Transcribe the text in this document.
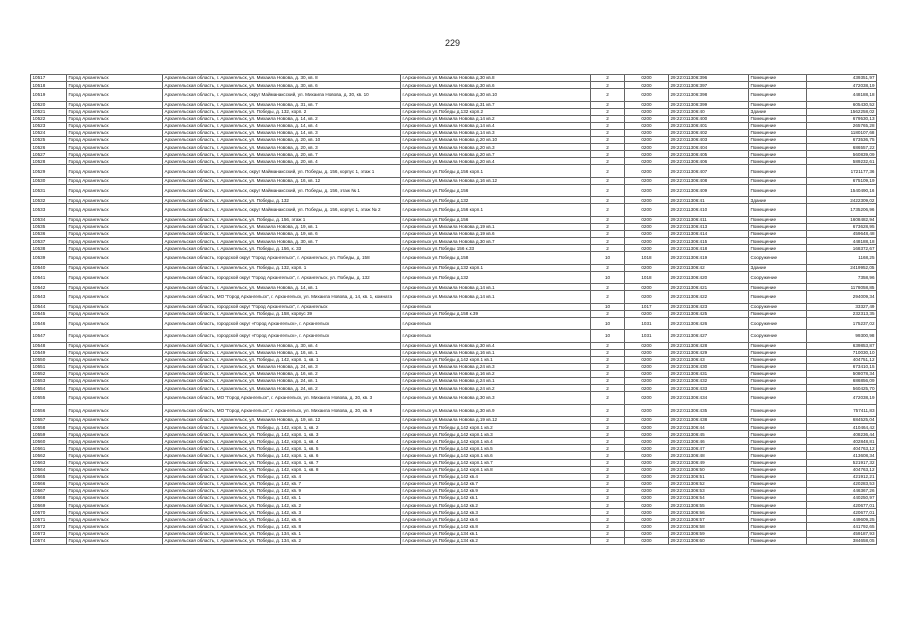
229
10517	Город Архангельск	Архангельская область, г. Архангельск, ул. Михаила Новова, д. 30, кв. 8	г.Архангельск ул.Михаила Новова д.30 кв.8	2	0200	29:22:011306:396	Помещение	439351,97
10518	Город Архангельск	Архангельская область, г. Архангельск, ул. Михаила Новова, д. 30, кв. 6	г.Архангельск ул.Михаила Новова д.30 кв.6	2	0200	29:22:011306:397	Помещение	472038,19
10519	Город Архангельск	Архангельская область, г. Архангельск, округ Майманаксский, ул. Михаила Новова, д. 30, кв. 10	г.Архангельск ул.Михаила Новова д.30 кв.10	2	0200	29:22:011306:398	Помещение	448188,18
10520	Город Архангельск	Архангельская область, г. Архангельск, ул. Михаила Новова, д. 31, кв. 7	г.Архангельск ул.Михаила Новова д.31 кв.7	2	0200	29:22:011306:399	Помещение	605430,52
10521	Город Архангельск	Архангельская область, г. Архангельск, ул. Победы, д. 132, корп. 2	г.Архангельск ул.Победы д.132 корп.2	2	0200	29:22:011306:40	Здание	1562258,02
10522	Город Архангельск	Архангельская область, г. Архангельск, ул. Михаила Новова, д. 14, кв. 2	г.Архангельск ул.Михаила Новова д.14 кв.2	2	0200	29:22:011306:400	Помещение	679530,13
10523	Город Архангельск	Архангельская область, г. Архангельск, ул. Михаила Новова, д. 14, кв. 4	г.Архангельск ул.Михаила Новова д.14 кв.4	2	0200	29:22:011306:401	Помещение	265765,28
10524	Город Архангельск	Архангельская область, г. Архангельск, ул. Михаила Новова, д. 14, кв. 3	г.Архангельск ул.Михаила Новова д.14 кв.3	2	0200	29:22:011306:402	Помещение	1180107,68
10525	Город Архангельск	Архангельская область, г. Архангельск, ул. Михаила Новова, д. 20, кв. 10	г.Архангельск ул.Михаила Новова д.20 кв.10	2	0200	29:22:011306:403	Помещение	673536,75
10526	Город Архангельск	Архангельская область, г. Архангельск, ул. Михаила Новова, д. 20, кв. 3	г.Архангельск ул.Михаила Новова д.20 кв.3	2	0200	29:22:011306:404	Помещение	686557,22
10527	Город Архангельск	Архангельская область, г. Архангельск, ул. Михаила Новова, д. 20, кв. 7	г.Архангельск ул.Михаила Новова д.20 кв.7	2	0200	29:22:011306:405	Помещение	560839,09
10528	Город Архангельск	Архангельская область, г. Архангельск, ул. Михаила Новова, д. 20, кв. 4	г.Архангельск ул.Михаила Новова д.20 кв.4	2	0200	29:22:011306:406	Помещение	589232,61
10529	Город Архангельск	Архангельская область, г. Архангельск, округ Майманаксский, ул. Победы, д. 156, корпус 1, этаж 1	г.Архангельск ул.Победы д.156 корп.1	2	0200	29:22:011306:407	Помещение	1721177,36
10530	Город Архангельск	Архангельская область, г. Архангельск, ул. Михаила Новова, д. 16, кв. 12	г.Архангельск ул.Михаила Новова д.16 кв.12	2	0200	29:22:011306:408	Помещение	675109,19
10531	Город Архангельск	Архангельская область, г. Архангельск, округ Майманаксский, ул. Победы, д. 156, этаж № 1	г.Архангельск ул.Победы д.156	2	0200	29:22:011306:409	Помещение	1540490,16
10532	Город Архангельск	Архангельская область, г. Архангельск, ул. Победы, д. 132	г.Архангельск ул.Победы д.132	2	0200	29:22:011306:41	Здание	2422309,02
10533	Город Архангельск	Архангельская область, г. Архангельск, округ Майманаксский, ул. Победы, д. 156, корпус 1, этаж № 2	г.Архангельск ул.Победы д.156 корп.1	2	0200	29:22:011306:410	Помещение	1735206,96
10534	Город Архангельск	Архангельская область, г. Архангельск, ул. Победы, д. 156, этаж 1	г.Архангельск ул.Победы д.156	2	0200	29:22:011306:411	Помещение	1608482,94
10535	Город Архангельск	Архангельская область, г. Архангельск, ул. Михаила Новова, д. 19, кв. 1	г.Архангельск ул.Михаила Новова д.19 кв.1	2	0200	29:22:011306:413	Помещение	673628,95
10536	Город Архангельск	Архангельская область, г. Архангельск, ул. Михаила Новова, д. 19, кв. 6	г.Архангельск ул.Михаила Новова д.19 кв.6	2	0200	29:22:011306:414	Помещение	459648,48
10537	Город Архангельск	Архангельская область, г. Архангельск, ул. Михаила Новова, д. 30, кв. 7	г.Архангельск ул.Михаила Новова д.30 кв.7	2	0200	29:22:011306:415	Помещение	448188,18
10538	Город Архангельск	Архангельская область, г. Архангельск, ул. Победы, д. 156, к. 33	г.Архангельск ул.Победы 156 к.33	2	0200	29:22:011306:418	Помещение	168372,67
10539	Город Архангельск	Архангельская область, городской округ "Город Архангельск", г. Архангельск, ул. Победы, д. 158	г.Архангельск ул.Победы д.158	10	1018	29:22:011306:419	Сооружение	1168,25
10540	Город Архангельск	Архангельская область, г. Архангельск, ул. Победы, д. 132, корп. 1	г.Архангельск ул.Победы д.132 корп.1	2	0200	29:22:011306:42	Здание	2419952,05
10541	Город Архангельск	Архангельская область, городской округ "Город Архангельск", г. Архангельск, ул. Победы, д. 132	г.Архангельск ул.Победы д.132	10	1018	29:22:011306:420	Сооружение	7358,96
10542	Город Архангельск	Архангельская область, г. Архангельск, ул. Михаила Новова, д. 14, кв. 1	г.Архангельск ул.Михаила Новова д.14 кв.1	2	0200	29:22:011306:421	Помещение	1178058,85
10543	Город Архангельск	Архангельская область, МО "Город Архангельск", г. Архангельск, ул. Михаила Новова, д. 14, кв. 1, комната	г.Архангельск ул.Михаила Новова д.14 кв.1	2	0200	29:22:011306:422	Помещение	294009,34
10544	Город Архангельск	Архангельская область, городской округ "Город Архангельск", г. Архангельск	г.Архангельск	10	1017	29:22:011306:423	Сооружение	33327,49
10545	Город Архангельск	Архангельская область, г. Архангельск, ул. Победы, д. 158, корпус 39	г.Архангельск ул.Победы д.158 к.39	2	0200	29:22:011306:425	Помещение	232313,35
10546	Город Архангельск	Архангельская область, городской округ «Город Архангельск», г. Архангельск	г.Архангельск	10	1031	29:22:011306:426	Сооружение	175237,02
10547	Город Архангельск	Архангельская область, городской округ «Город Архангельск», г. Архангельск	г.Архангельск	10	1031	29:22:011306:427	Сооружение	99300,98
10548	Город Архангельск	Архангельская область, г. Архангельск, ул. Михаила Новова, д. 30, кв. 4	г.Архангельск ул.Михаила Новова д.30 кв.4	2	0200	29:22:011306:428	Помещение	639853,87
10549	Город Архангельск	Архангельская область, г. Архангельск, ул. Михаила Новова, д. 16, кв. 1	г.Архангельск ул.Михаила Новова д.16 кв.1	2	0200	29:22:011306:429	Помещение	710030,10
10550	Город Архангельск	Архангельская область, г. Архангельск, ул. Победы, д. 142, корп. 1, кв. 1	г.Архангельск ул.Победы д.142 корп.1 кв.1	2	0200	29:22:011306:43	Помещение	404751,12
10551	Город Архангельск	Архангельская область, г. Архангельск, ул. Михаила Новова, д. 24, кв. 3	г.Архангельск ул.Михаила Новова д.24 кв.3	2	0200	29:22:011306:430	Помещение	673410,15
10552	Город Архангельск	Архангельская область, г. Архангельск, ул. Михаила Новова, д. 16, кв. 2	г.Архангельск ул.Михаила Новова д.16 кв.2	2	0200	29:22:011306:431	Помещение	508078,34
10553	Город Архангельск	Архангельская область, г. Архангельск, ул. Михаила Новова, д. 24, кв. 1	г.Архангельск ул.Михаила Новова д.24 кв.1	2	0200	29:22:011306:432	Помещение	686856,09
10554	Город Архангельск	Архангельская область, г. Архангельск, ул. Михаила Новова, д. 24, кв. 2	г.Архангельск ул.Михаила Новова д.24 кв.2	2	0200	29:22:011306:433	Помещение	560425,70
10555	Город Архангельск	Архангельская область, МО "Город Архангельск", г. Архангельск, ул. Михаила Новова, д. 30, кв. 3	г.Архангельск ул.Михаила Новова д.30 кв.3	2	0200	29:22:011306:434	Помещение	472038,19
10556	Город Архангельск	Архангельская область, МО "Город Архангельск", г. Архангельск, ул. Михаила Новова, д. 30, кв. 9	г.Архангельск ул.Михаила Новова д.30 кв.9	2	0200	29:22:011306:435	Помещение	757411,83
10557	Город Архангельск	Архангельская область, г. Архангельск, ул. Михаила Новова, д. 19, кв. 12	г.Архангельск ул.Михаила Новова д.19 кв.12	2	0200	29:22:011306:438	Помещение	684525,04
10558	Город Архангельск	Архангельская область, г. Архангельск, ул. Победы, д. 142, корп. 1, кв. 2	г.Архангельск ул.Победы д.142 корп.1 кв.2	2	0200	29:22:011306:44	Помещение	410464,42
10559	Город Архангельск	Архангельская область, г. Архангельск, ул. Победы, д. 142, корп. 1, кв. 3	г.Архангельск ул.Победы д.142 корп.1 кв.3	2	0200	29:22:011306:45	Помещение	408236,44
10560	Город Архангельск	Архангельская область, г. Архангельск, ул. Победы, д. 142, корп. 1, кв. 4	г.Архангельск ул.Победы д.142 корп.1 кв.4	2	0200	29:22:011306:46	Помещение	402848,81
10561	Город Архангельск	Архангельская область, г. Архангельск, ул. Победы, д. 142, корп. 1, кв. 5	г.Архангельск ул.Победы д.142 корп.1 кв.5	2	0200	29:22:011306:47	Помещение	404763,12
10562	Город Архангельск	Архангельская область, г. Архангельск, ул. Победы, д. 142, корп. 1, кв. 6	г.Архангельск ул.Победы д.142 корп.1 кв.6	2	0200	29:22:011306:48	Помещение	413608,34
10563	Город Архангельск	Архангельская область, г. Архангельск, ул. Победы, д. 142, корп. 1, кв. 7	г.Архангельск ул.Победы д.142 корп.1 кв.7	2	0200	29:22:011306:49	Помещение	521917,32
10564	Город Архангельск	Архангельская область, г. Архангельск, ул. Победы, д. 142, корп. 1, кв. 8	г.Архангельск ул.Победы д.142 корп.1 кв.8	2	0200	29:22:011306:50	Помещение	404763,12
10565	Город Архангельск	Архангельская область, г. Архангельск, ул. Победы, д. 142, кв. 4	г.Архангельск ул.Победы д.142 кв.4	2	0200	29:22:011306:51	Помещение	421912,21
10566	Город Архангельск	Архангельская область, г. Архангельск, ул. Победы, д. 142, кв. 7	г.Архангельск ул.Победы д.142 кв.7	2	0200	29:22:011306:52	Помещение	420283,53
10567	Город Архангельск	Архангельская область, г. Архангельск, ул. Победы, д. 142, кв. 9	г.Архангельск ул.Победы д.142 кв.9	2	0200	29:22:011306:53	Помещение	446367,26
10568	Город Архангельск	Архангельская область, г. Архангельск, ул. Победы, д. 142, кв. 1	г.Архангельск ул.Победы д.142 кв.1	2	0200	29:22:011306:54	Помещение	440250,97
10569	Город Архангельск	Архангельская область, г. Архангельск, ул. Победы, д. 142, кв. 2	г.Архангельск ул.Победы д.142 кв.2	2	0200	29:22:011306:55	Помещение	420677,01
10570	Город Архангельск	Архангельская область, г. Архангельск, ул. Победы, д. 142, кв. 3	г.Архангельск ул.Победы д.142 кв.3	2	0200	29:22:011306:56	Помещение	420677,01
10571	Город Архангельск	Архангельская область, г. Архангельск, ул. Победы, д. 142, кв. 6	г.Архангельск ул.Победы д.142 кв.6	2	0200	29:22:011306:57	Помещение	449609,25
10572	Город Архангельск	Архангельская область, г. Архангельск, ул. Победы, д. 142, кв. 8	г.Архангельск ул.Победы д.142 кв.8	2	0200	29:22:011306:58	Помещение	441792,65
10573	Город Архангельск	Архангельская область, г. Архангельск, ул. Победы, д. 134, кв. 1	г.Архангельск ул.Победы д.134 кв.1	2	0200	29:22:011306:59	Помещение	459187,93
10574	Город Архангельск	Архангельская область, г. Архангельск, ул. Победы, д. 134, кв. 2	г.Архангельск ул.Победы д.134 кв.2	2	0200	29:22:011306:60	Помещение	384658,05
